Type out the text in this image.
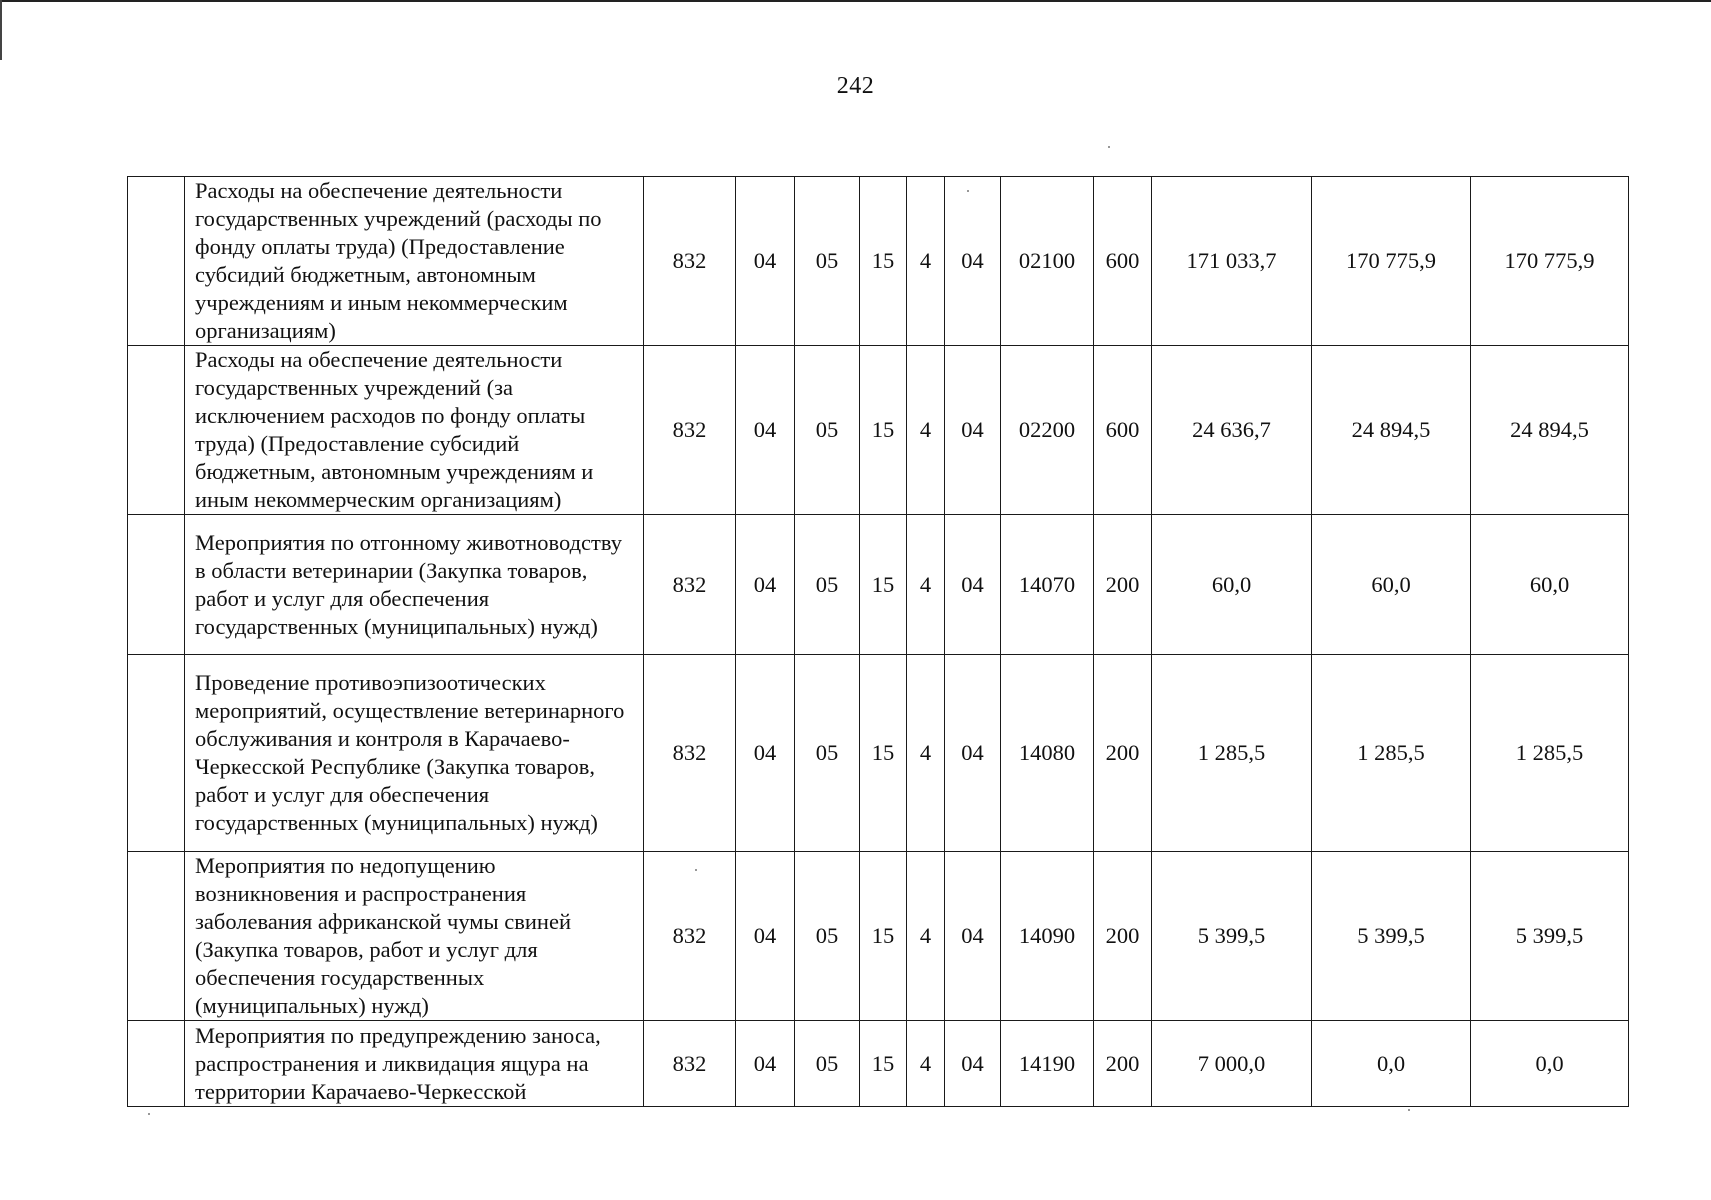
242
	Расходы на обеспечение деятельности государственных учреждений (расходы по фонду оплаты труда) (Предоставление субсидий бюджетным, автономным учреждениям и иным некоммерческим организациям)	832	04	05	15	4	04	02100	600	171 033,7	170 775,9	170 775,9
	Расходы на обеспечение деятельности государственных учреждений (за исключением расходов по фонду оплаты труда) (Предоставление субсидий бюджетным, автономным учреждениям и иным некоммерческим организациям)	832	04	05	15	4	04	02200	600	24 636,7	24 894,5	24 894,5
	Мероприятия по отгонному животноводству в области ветеринарии (Закупка товаров, работ и услуг для обеспечения государственных (муниципальных) нужд)	832	04	05	15	4	04	14070	200	60,0	60,0	60,0
	Проведение противоэпизоотических мероприятий, осуществление ветеринарного обслуживания и контроля в Карачаево-Черкесской Республике (Закупка товаров, работ и услуг для обеспечения государственных (муниципальных) нужд)	832	04	05	15	4	04	14080	200	1 285,5	1 285,5	1 285,5
	Мероприятия по недопущению возникновения и распространения заболевания африканской чумы свиней (Закупка товаров, работ и услуг для обеспечения государственных (муниципальных) нужд)	832	04	05	15	4	04	14090	200	5 399,5	5 399,5	5 399,5
	Мероприятия по предупреждению заноса, распространения и ликвидация ящура на территории Карачаево-Черкесской	832	04	05	15	4	04	14190	200	7 000,0	0,0	0,0
